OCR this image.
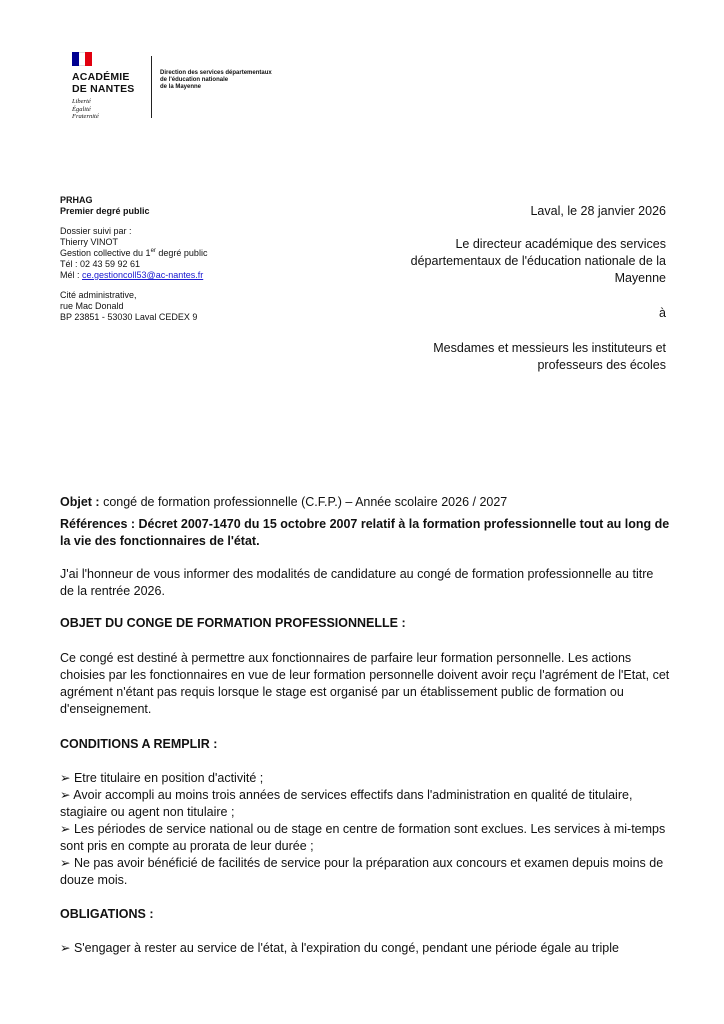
ACADÉMIE
DE NANTES
Liberté
Égalité
Fraternité
Direction des services départementaux
de l'éducation nationale
de la Mayenne
PRHAG
Premier degré public
Dossier suivi par :
Thierry VINOT
Gestion collective du 1er degré public
Tél : 02 43 59 92 61
Mél : ce.gestioncoll53@ac-nantes.fr
Cité administrative,
rue Mac Donald
BP 23851 - 53030 Laval CEDEX 9
Laval, le 28 janvier 2026
Le directeur académique des services
départementaux de l'éducation nationale de la
Mayenne
à
Mesdames et messieurs les instituteurs et
professeurs des écoles
Objet : congé de formation professionnelle (C.F.P.) – Année scolaire 2026 / 2027
Références : Décret 2007-1470 du 15 octobre 2007 relatif à la formation professionnelle tout au long de la vie des fonctionnaires de l'état.
J'ai l'honneur de vous informer des modalités de candidature au congé de formation professionnelle au titre de la rentrée 2026.
OBJET DU CONGE DE FORMATION PROFESSIONNELLE :
Ce congé est destiné à permettre aux fonctionnaires de parfaire leur formation personnelle. Les actions choisies par les fonctionnaires en vue de leur formation personnelle doivent avoir reçu l'agrément de l'Etat, cet agrément n'étant pas requis lorsque le stage est organisé par un établissement public de formation ou d'enseignement.
CONDITIONS A REMPLIR :

➢ Etre titulaire en position d'activité ;

➢ Avoir accompli au moins trois années de services effectifs dans l'administration en qualité de titulaire, stagiaire ou agent non titulaire ;

➢ Les périodes de service national ou de stage en centre de formation sont exclues. Les services à mi-temps sont pris en compte au prorata de leur durée ;

➢ Ne pas avoir bénéficié de facilités de service pour la préparation aux concours et examen depuis moins de douze mois.

OBLIGATIONS :

➢ S'engager à rester au service de l'état, à l'expiration du congé, pendant une période égale au triple
